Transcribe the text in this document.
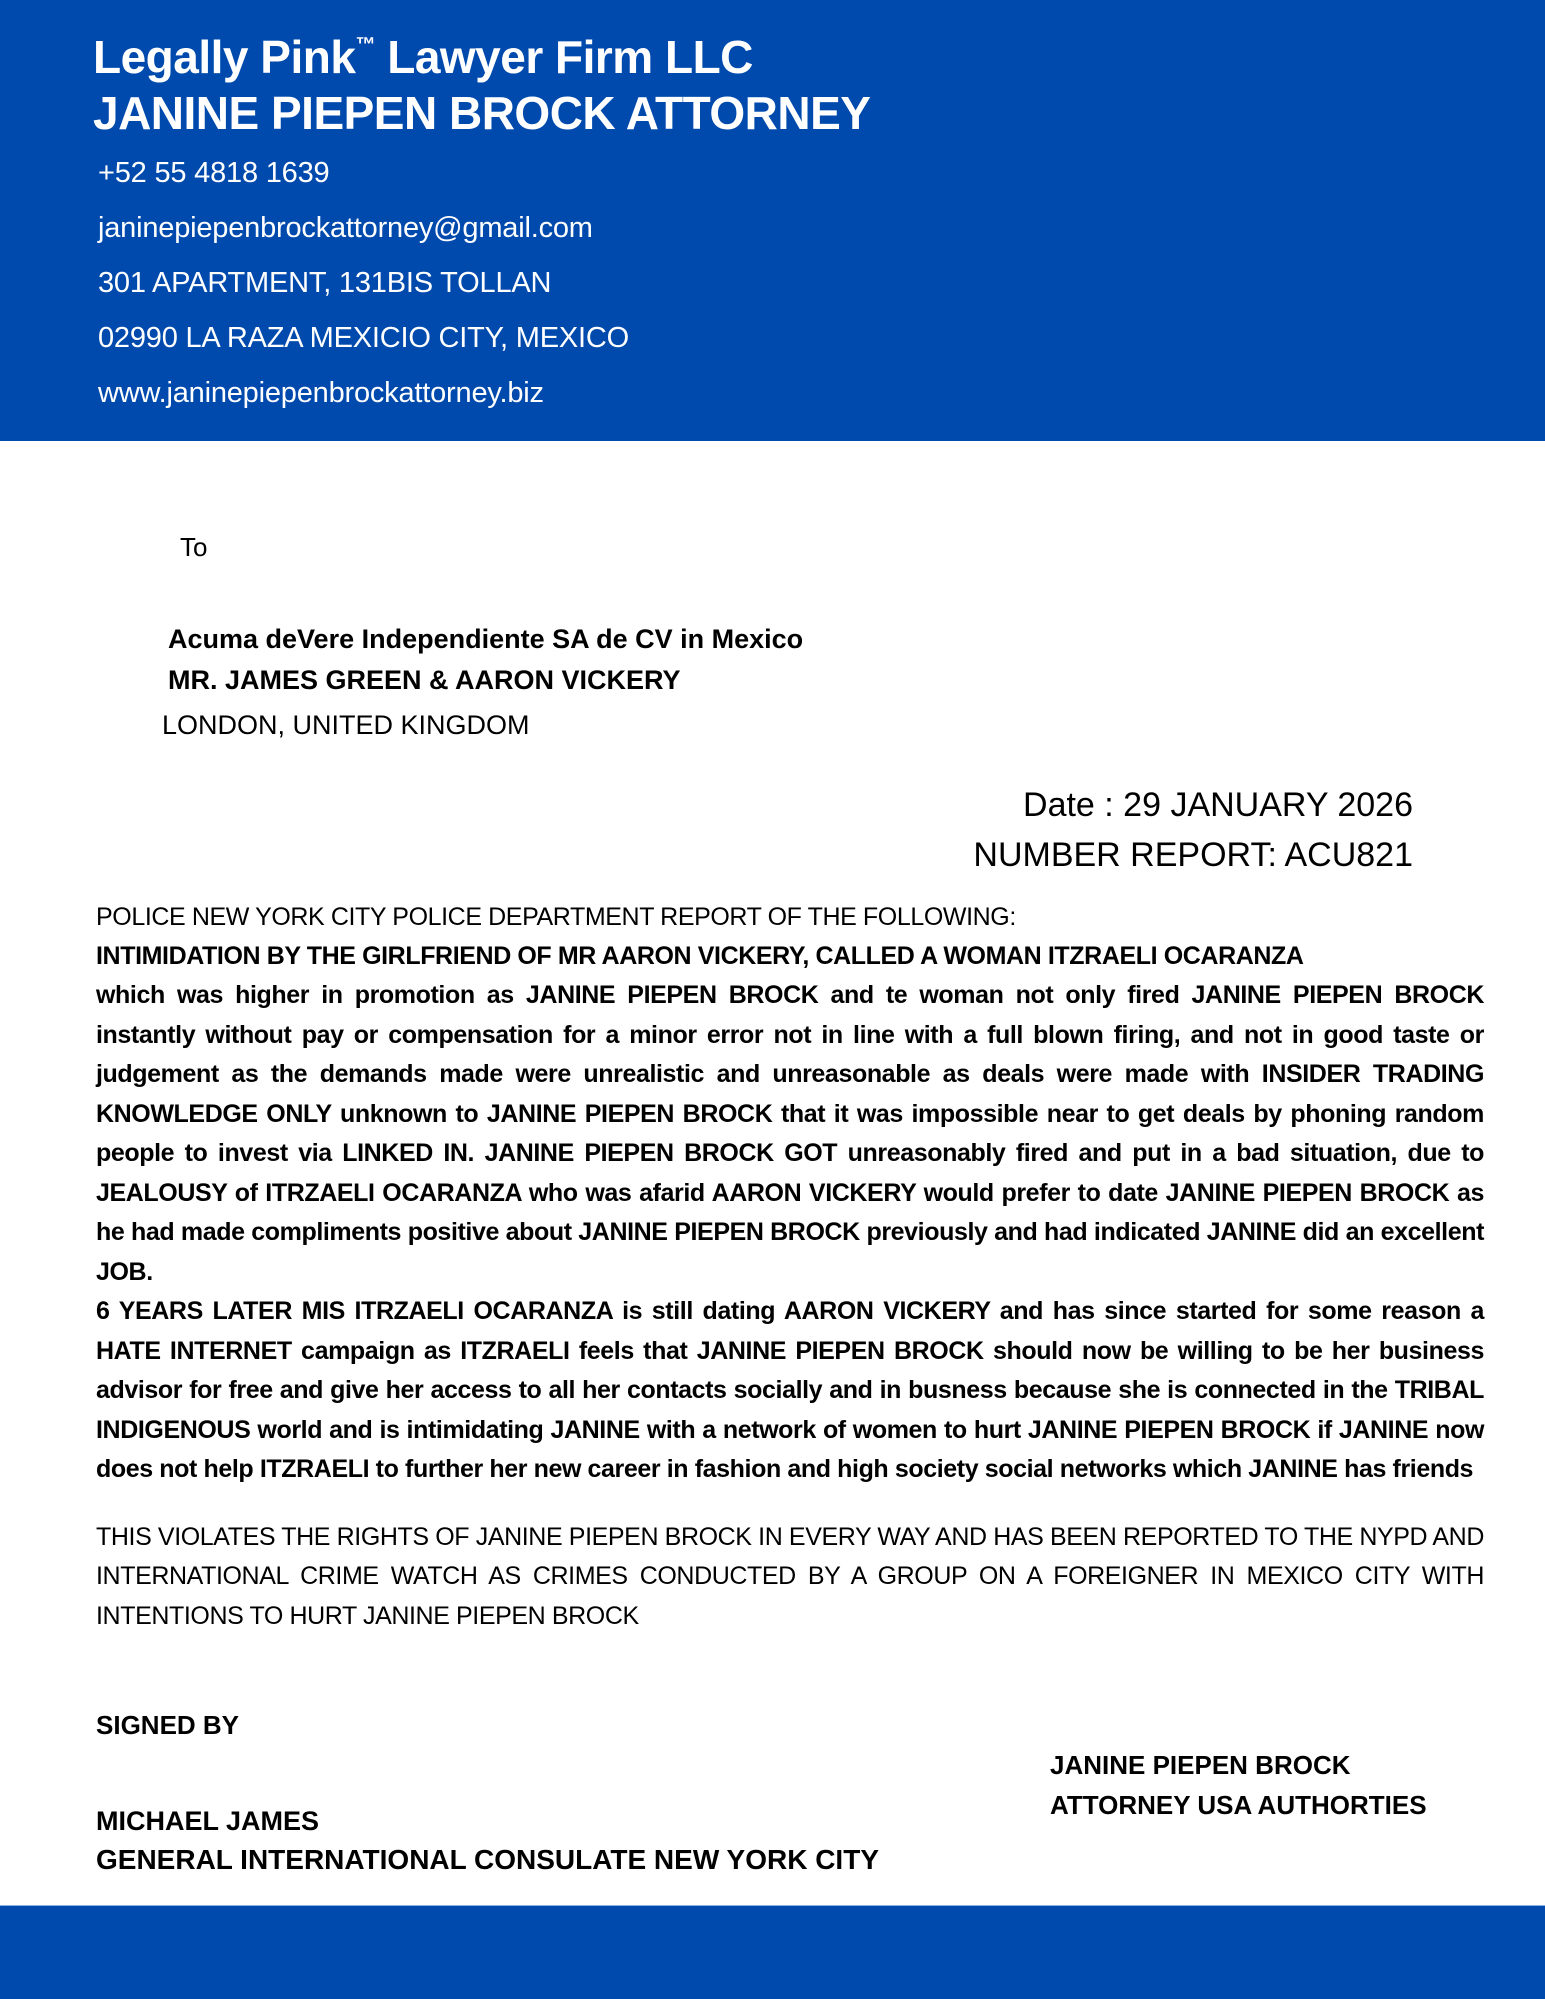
Legally Pink™ Lawyer Firm LLC
JANINE PIEPEN BROCK ATTORNEY
+52 55 4818 1639
janinepiepenbrockattorney@gmail.com
301 APARTMENT, 131BIS TOLLAN
02990 LA RAZA MEXICIO CITY, MEXICO
www.janinepiepenbrockattorney.biz
To
Acuma deVere Independiente SA de CV in Mexico
MR. JAMES GREEN & AARON VICKERY
LONDON, UNITED KINGDOM
Date : 29 JANUARY 2026
NUMBER REPORT: ACU821
POLICE NEW YORK CITY POLICE DEPARTMENT REPORT OF THE FOLLOWING:
INTIMIDATION BY THE GIRLFRIEND OF MR AARON VICKERY, CALLED A WOMAN ITZRAELI OCARANZA

which was higher in promotion as JANINE PIEPEN BROCK and te woman not only fired JANINE PIEPEN BROCK instantly without pay or compensation for a minor error not in line with a full blown firing, and not in good taste or judgement as the demands made were unrealistic and unreasonable as deals were made with INSIDER TRADING KNOWLEDGE ONLY unknown to JANINE PIEPEN BROCK that it was impossible near to get deals by phoning random people to invest via LINKED IN. JANINE PIEPEN BROCK GOT unreasonably fired and put in a bad situation, due to JEALOUSY of ITRZAELI OCARANZA who was afarid AARON VICKERY would prefer to date JANINE PIEPEN BROCK as he had made compliments positive about JANINE PIEPEN BROCK previously and had indicated JANINE did an excellent JOB.

6 YEARS LATER MIS ITRZAELI OCARANZA is still dating AARON VICKERY and has since started for some reason a HATE INTERNET campaign as ITZRAELI feels that JANINE PIEPEN BROCK should now be willing to be her business advisor for free and give her access to all her contacts socially and in busness because she is connected in the TRIBAL INDIGENOUS world and is intimidating JANINE with a network of women to hurt JANINE PIEPEN BROCK if JANINE now does not help ITZRAELI to further her new career in fashion and high society social networks which JANINE has friends

THIS VIOLATES THE RIGHTS OF JANINE PIEPEN BROCK IN EVERY WAY AND HAS BEEN REPORTED TO THE NYPD AND INTERNATIONAL CRIME WATCH AS CRIMES CONDUCTED BY A GROUP ON A FOREIGNER IN MEXICO CITY WITH INTENTIONS TO HURT JANINE PIEPEN BROCK

SIGNED BY
MICHAEL JAMES
GENERAL INTERNATIONAL CONSULATE NEW YORK CITY
JANINE PIEPEN BROCK
ATTORNEY USA AUTHORTIES
